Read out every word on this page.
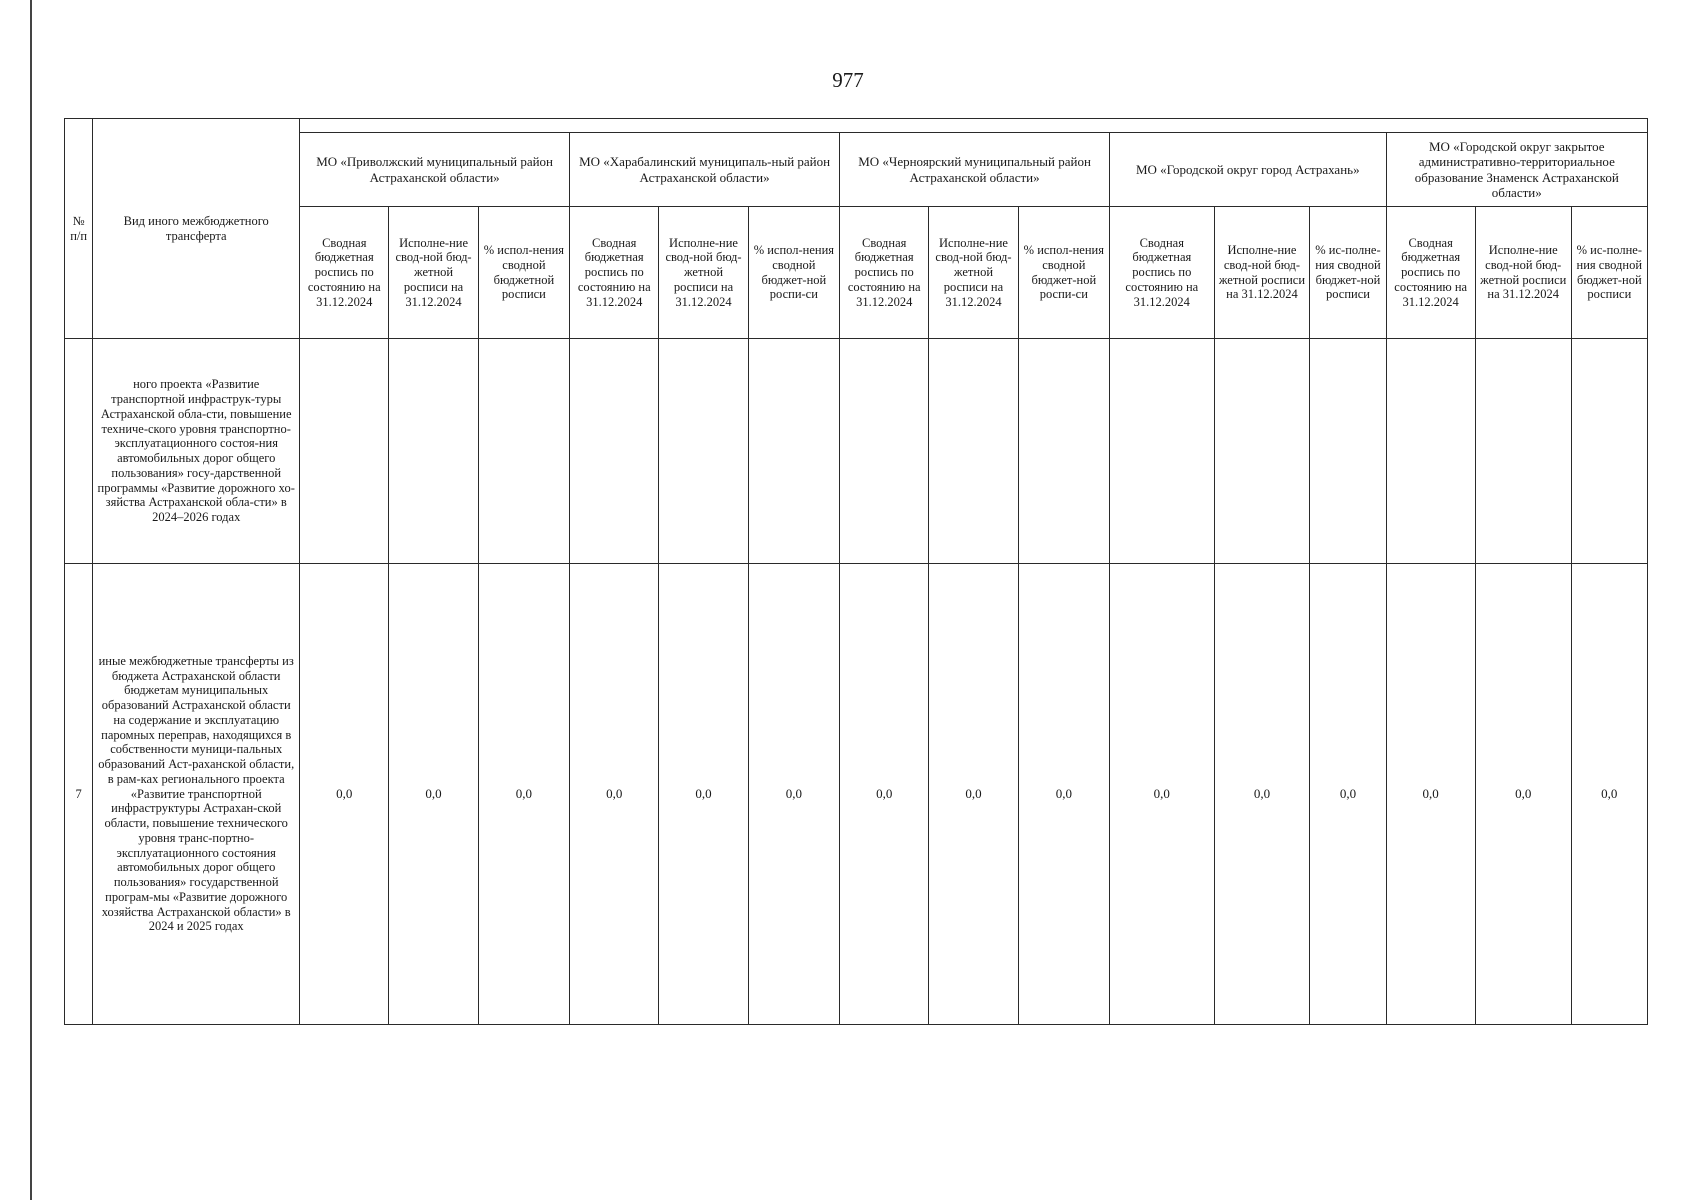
977
№ п/п	Вид иного межбюджетного трансферта															
		МО «Приволжский муниципальный район Астраханской области»			МО «Харабалинский муниципаль-ный район Астраханской области»			МО «Черноярский муниципальный район Астраханской области»			МО «Городской округ город Астрахань»			МО «Городской округ закрытое административно-территориальное образование Знаменск Астраханской области»		
		Сводная бюджетная роспись по состоянию на 31.12.2024	Исполне-ние свод-ной бюд-жетной росписи на 31.12.2024	% испол-нения сводной бюджетной росписи	Сводная бюджетная роспись по состоянию на 31.12.2024	Исполне-ние свод-ной бюд-жетной росписи на 31.12.2024	% испол-нения сводной бюджет-ной роспи-си	Сводная бюджетная роспись по состоянию на 31.12.2024	Исполне-ние свод-ной бюд-жетной росписи на 31.12.2024	% испол-нения сводной бюджет-ной роспи-си	Сводная бюджетная роспись по состоянию на 31.12.2024	Исполне-ние свод-ной бюд-жетной росписи на 31.12.2024	% ис-полне-ния сводной бюджет-ной росписи	Сводная бюджетная роспись по состоянию на 31.12.2024	Исполне-ние свод-ной бюд-жетной росписи на 31.12.2024	% ис-полне-ния сводной бюджет-ной росписи
	ного проекта «Развитие транспортной инфраструк-туры Астраханской обла-сти, повышение техниче-ского уровня транспортно-эксплуатационного состоя-ния автомобильных дорог общего пользования» госу-дарственной программы «Развитие дорожного хо-зяйства Астраханской обла-сти» в 2024–2026 годах															
7	иные межбюджетные трансферты из бюджета Астраханской области бюджетам муниципальных образований Астраханской области на содержание и эксплуатацию паромных переправ, находящихся в собственности муници-пальных образований Аст-раханской области, в рам-ках регионального проекта «Развитие транспортной инфраструктуры Астрахан-ской области, повышение технического уровня транс-портно-эксплуатационного состояния автомобильных дорог общего пользования» государственной програм-мы «Развитие дорожного хозяйства Астраханской области» в 2024 и 2025 годах	0,0	0,0	0,0	0,0	0,0	0,0	0,0	0,0	0,0	0,0	0,0	0,0	0,0	0,0	0,0
